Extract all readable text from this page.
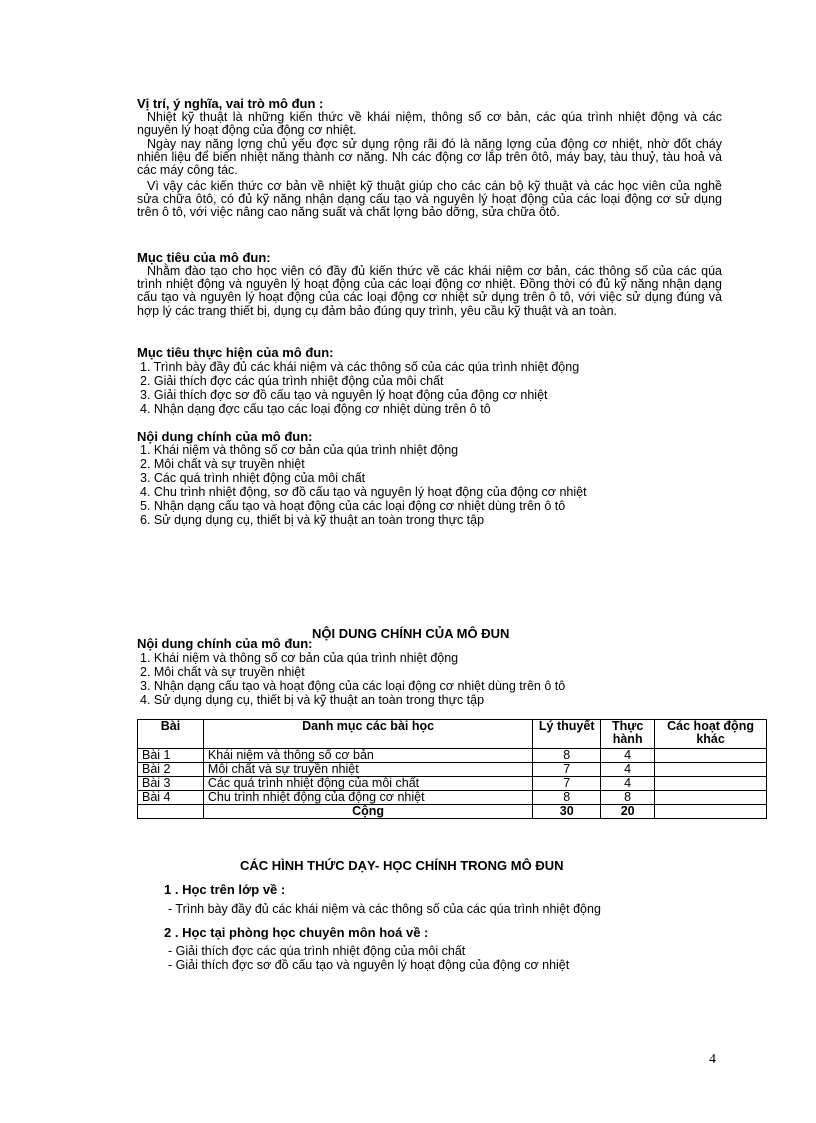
Vị trí, ý nghĩa, vai trò mô đun :
Nhiệt kỹ thuật là những kiến thức về khái niệm, thông số cơ bản, các qúa trình nhiệt động và các nguyên lý hoạt động của động cơ nhiệt.
Ngày nay năng lợng chủ yếu đợc sử dụng rộng rãi đó là năng lợng của động cơ nhiệt, nhờ đốt cháy nhiên liệu để biến nhiệt năng thành cơ năng. Nh các động cơ lắp trên ôtô, máy bay, tàu thuỷ, tàu hoả và các máy công tác.
Vì vậy các kiến thức cơ bản về nhiệt kỹ thuật giúp cho các cán bộ kỹ thuật và các học viên của nghề sửa chữa ôtô, có đủ kỹ năng nhận dạng cấu tạo và nguyên lý hoạt động của các loại động cơ sử dụng trên ô tô, với việc nâng cao năng suất và chất lợng bảo dỡng, sửa chữa ôtô.
Mục tiêu của mô đun:
Nhằm đào tạo cho học viên có đầy đủ kiến thức về các khái niệm cơ bản, các thông số của các qúa trình nhiệt động và nguyên lý hoạt động của các loại động cơ nhiệt. Đồng thời có đủ kỹ năng nhận dạng cấu tạo và nguyên lý hoạt động của các loại động cơ nhiệt sử dụng trên ô tô, với việc sử dụng đúng và hợp lý các trang thiết bị, dụng cụ đảm bảo đúng quy trình, yêu cầu kỹ thuật và an toàn.
Mục tiêu thực hiện của mô đun:
1. Trình bày đầy đủ các khái niệm và các thông số của các qúa trình nhiệt động
2. Giải thích đợc các qúa trình nhiệt động của môi chất
3. Giải thích đợc sơ đồ cấu tạo và nguyên lý hoạt động của động cơ nhiệt
4. Nhận dạng đợc cấu tạo các loại động cơ nhiệt dùng trên ô tô
Nội dung chính của mô đun:
1. Khái niệm và thông số cơ bản của qúa trình nhiệt động
2. Môi chất và sự truyền nhiệt
3. Các quá trình nhiệt động của môi chất
4. Chu trình nhiệt động, sơ đồ cấu tạo và nguyên lý hoạt động của động cơ nhiệt
5. Nhận dạng cấu tạo và hoạt động của các loại động cơ nhiệt dùng trên ô tô
6. Sử dụng dụng cụ, thiết bị và kỹ thuật an toàn trong thực tập
NỘI DUNG CHÍNH CỦA MÔ ĐUN
Nội dung chính của mô đun:
1. Khái niệm và thông số cơ bản của qúa trình nhiệt động
2. Môi chất và sự truyền nhiệt
3. Nhận dạng cấu tạo và hoạt động của các loại động cơ nhiệt dùng trên ô tô
4. Sử dụng dụng cụ, thiết bị và kỹ thuật an toàn trong thực tập
Bài	Danh mục các bài học	Lý thuyết	Thực hành	Các hoạt động khác
Bài 1	Khái niệm và thông số cơ bản	8	4	
Bài 2	Môi chất và sự truyền nhiệt	7	4	
Bài 3	Các quá trình nhiệt động của môi chất	7	4	
Bài 4	Chu trình nhiệt động của động cơ nhiệt	8	8	
	Cộng	30	20	
CÁC HÌNH THỨC DẠY- HỌC CHÍNH TRONG MÔ ĐUN
1 . Học trên lớp về :
- Trình bày đầy đủ các khái niệm và các thông số của các qúa trình nhiệt động
2 . Học tại phòng học chuyên môn hoá về :
- Giải thích đợc các qúa trình nhiệt động của môi chất
- Giải thích đợc sơ đồ cấu tạo và nguyên lý hoạt động của động cơ nhiệt
4
